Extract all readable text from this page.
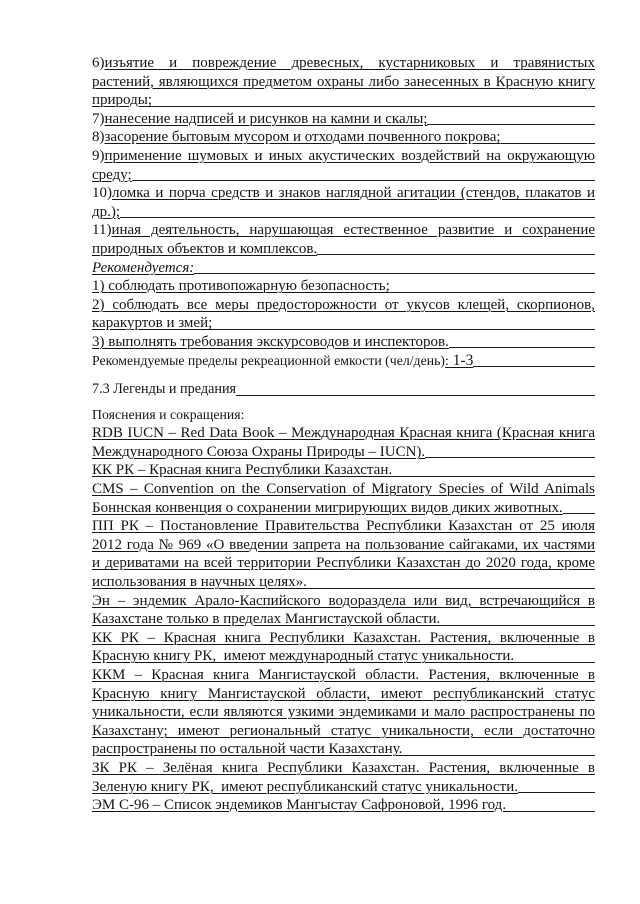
6) изъятие и повреждение древесных, кустарниковых и травянистых
растений, являющихся предметом охраны либо занесенных в Красную книгу
природы;
7) нанесение надписей и рисунков на камни и скалы;
8) засорение бытовым мусором и отходами почвенного покрова;
9) применение шумовых и иных акустических воздействий на окружающую
среду;
10) ломка и порча средств и знаков наглядной агитации (стендов, плакатов и
др.);
11) иная деятельность, нарушающая естественное развитие и сохранение
природных объектов и комплексов.
Рекомендуется:
1) соблюдать противопожарную безопасность;
2) соблюдать все меры предосторожности от укусов клещей, скорпионов,
каракуртов и змей;
3) выполнять требования экскурсоводов и инспекторов.
Рекомендуемые пределы рекреационной емкости (чел/день) : 1-3
7.3 Легенды и предания
Пояснения и сокращения:
RDB IUCN – Red Data Book – Международная Красная книга (Красная книга
Международного Союза Охраны Природы – IUCN).
КК РК – Красная книга Республики Казахстан.
CMS – Convention on the Conservation of Migratory Species of Wild Animals
Боннская конвенция о сохранении мигрирующих видов диких животных.
ПП РК – Постановление Правительства Республики Казахстан от 25 июля
2012 года № 969 «О введении запрета на пользование сайгаками, их частями
и дериватами на всей территории Республики Казахстан до 2020 года, кроме
использования в научных целях».
Эн – эндемик Арало-Каспийского водораздела или вид, встречающийся в
Казахстане только в пределах Мангистауской области.
КК РК – Красная книга Республики Казахстан. Растения, включенные в
Красную книгу РК,  имеют международный статус уникальности.
ККМ – Красная книга Мангистауской области. Растения, включенные в
Красную книгу Мангистауской области, имеют республиканский статус
уникальности, если являются узкими эндемиками и мало распространены по
Казахстану; имеют региональный статус уникальности, если достаточно
распространены по остальной части Казахстану.
ЗК РК – Зелёная книга Республики Казахстан. Растения, включенные в
Зеленую книгу РК,  имеют республиканский статус уникальности.
ЭМ С-96 – Список эндемиков Мангыстау Сафроновой, 1996 год.
